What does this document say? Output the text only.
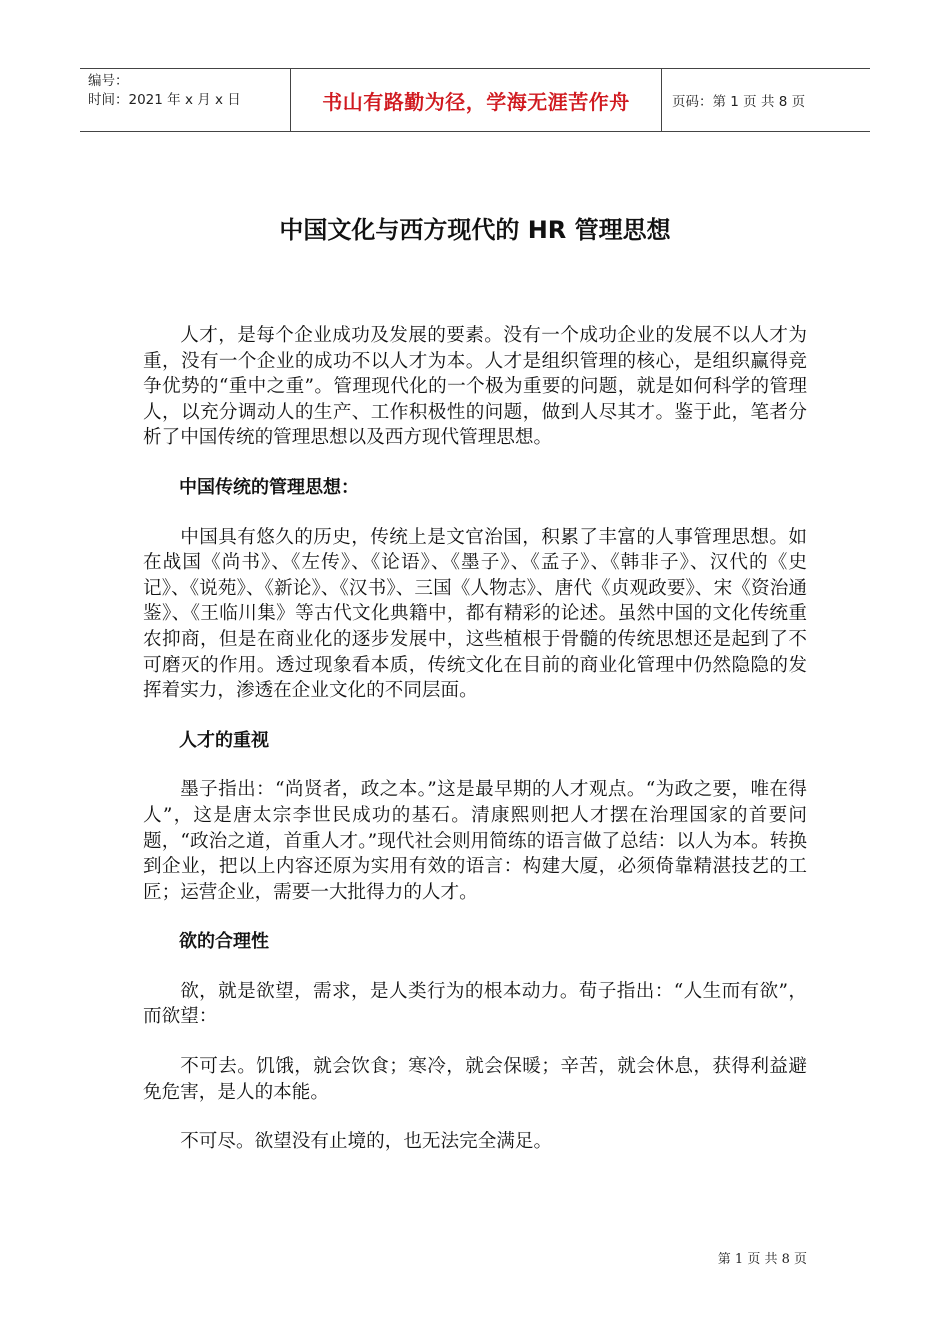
编号：
时间：2021 年 x 月 x 日	书山有路勤为径，学海无涯苦作舟	页码：第 1 页 共 8 页
中国文化与西方现代的 HR 管理思想

人才，是每个企业成功及发展的要素。没有一个成功企业的发展不以人才为重，没有一个企业的成功不以人才为本。人才是组织管理的核心，是组织赢得竞争优势的“重中之重”。管理现代化的一个极为重要的问题，就是如何科学的管理人，以充分调动人的生产、工作积极性的问题，做到人尽其才。鉴于此，笔者分析了中国传统的管理思想以及西方现代管理思想。

中国传统的管理思想：

中国具有悠久的历史，传统上是文官治国，积累了丰富的人事管理思想。如在战国《尚书》、《左传》、《论语》、《墨子》、《孟子》、《韩非子》、汉代的《史记》、《说苑》、《新论》、《汉书》、三国《人物志》、唐代《贞观政要》、宋《资治通鉴》、《王临川集》等古代文化典籍中，都有精彩的论述。虽然中国的文化传统重农抑商，但是在商业化的逐步发展中，这些植根于骨髓的传统思想还是起到了不可磨灭的作用。透过现象看本质，传统文化在目前的商业化管理中仍然隐隐的发挥着实力，渗透在企业文化的不同层面。

人才的重视

墨子指出：“尚贤者，政之本。”这是最早期的人才观点。“为政之要，唯在得人”，这是唐太宗李世民成功的基石。清康熙则把人才摆在治理国家的首要问题，“政治之道，首重人才。”现代社会则用简练的语言做了总结：以人为本。转换到企业，把以上内容还原为实用有效的语言：构建大厦，必须倚靠精湛技艺的工匠；运营企业，需要一大批得力的人才。

欲的合理性

欲，就是欲望，需求，是人类行为的根本动力。荀子指出：“人生而有欲”，而欲望：

不可去。饥饿，就会饮食；寒冷，就会保暖；辛苦，就会休息，获得利益避免危害，是人的本能。

不可尽。欲望没有止境的，也无法完全满足。

第 1 页 共 8 页
